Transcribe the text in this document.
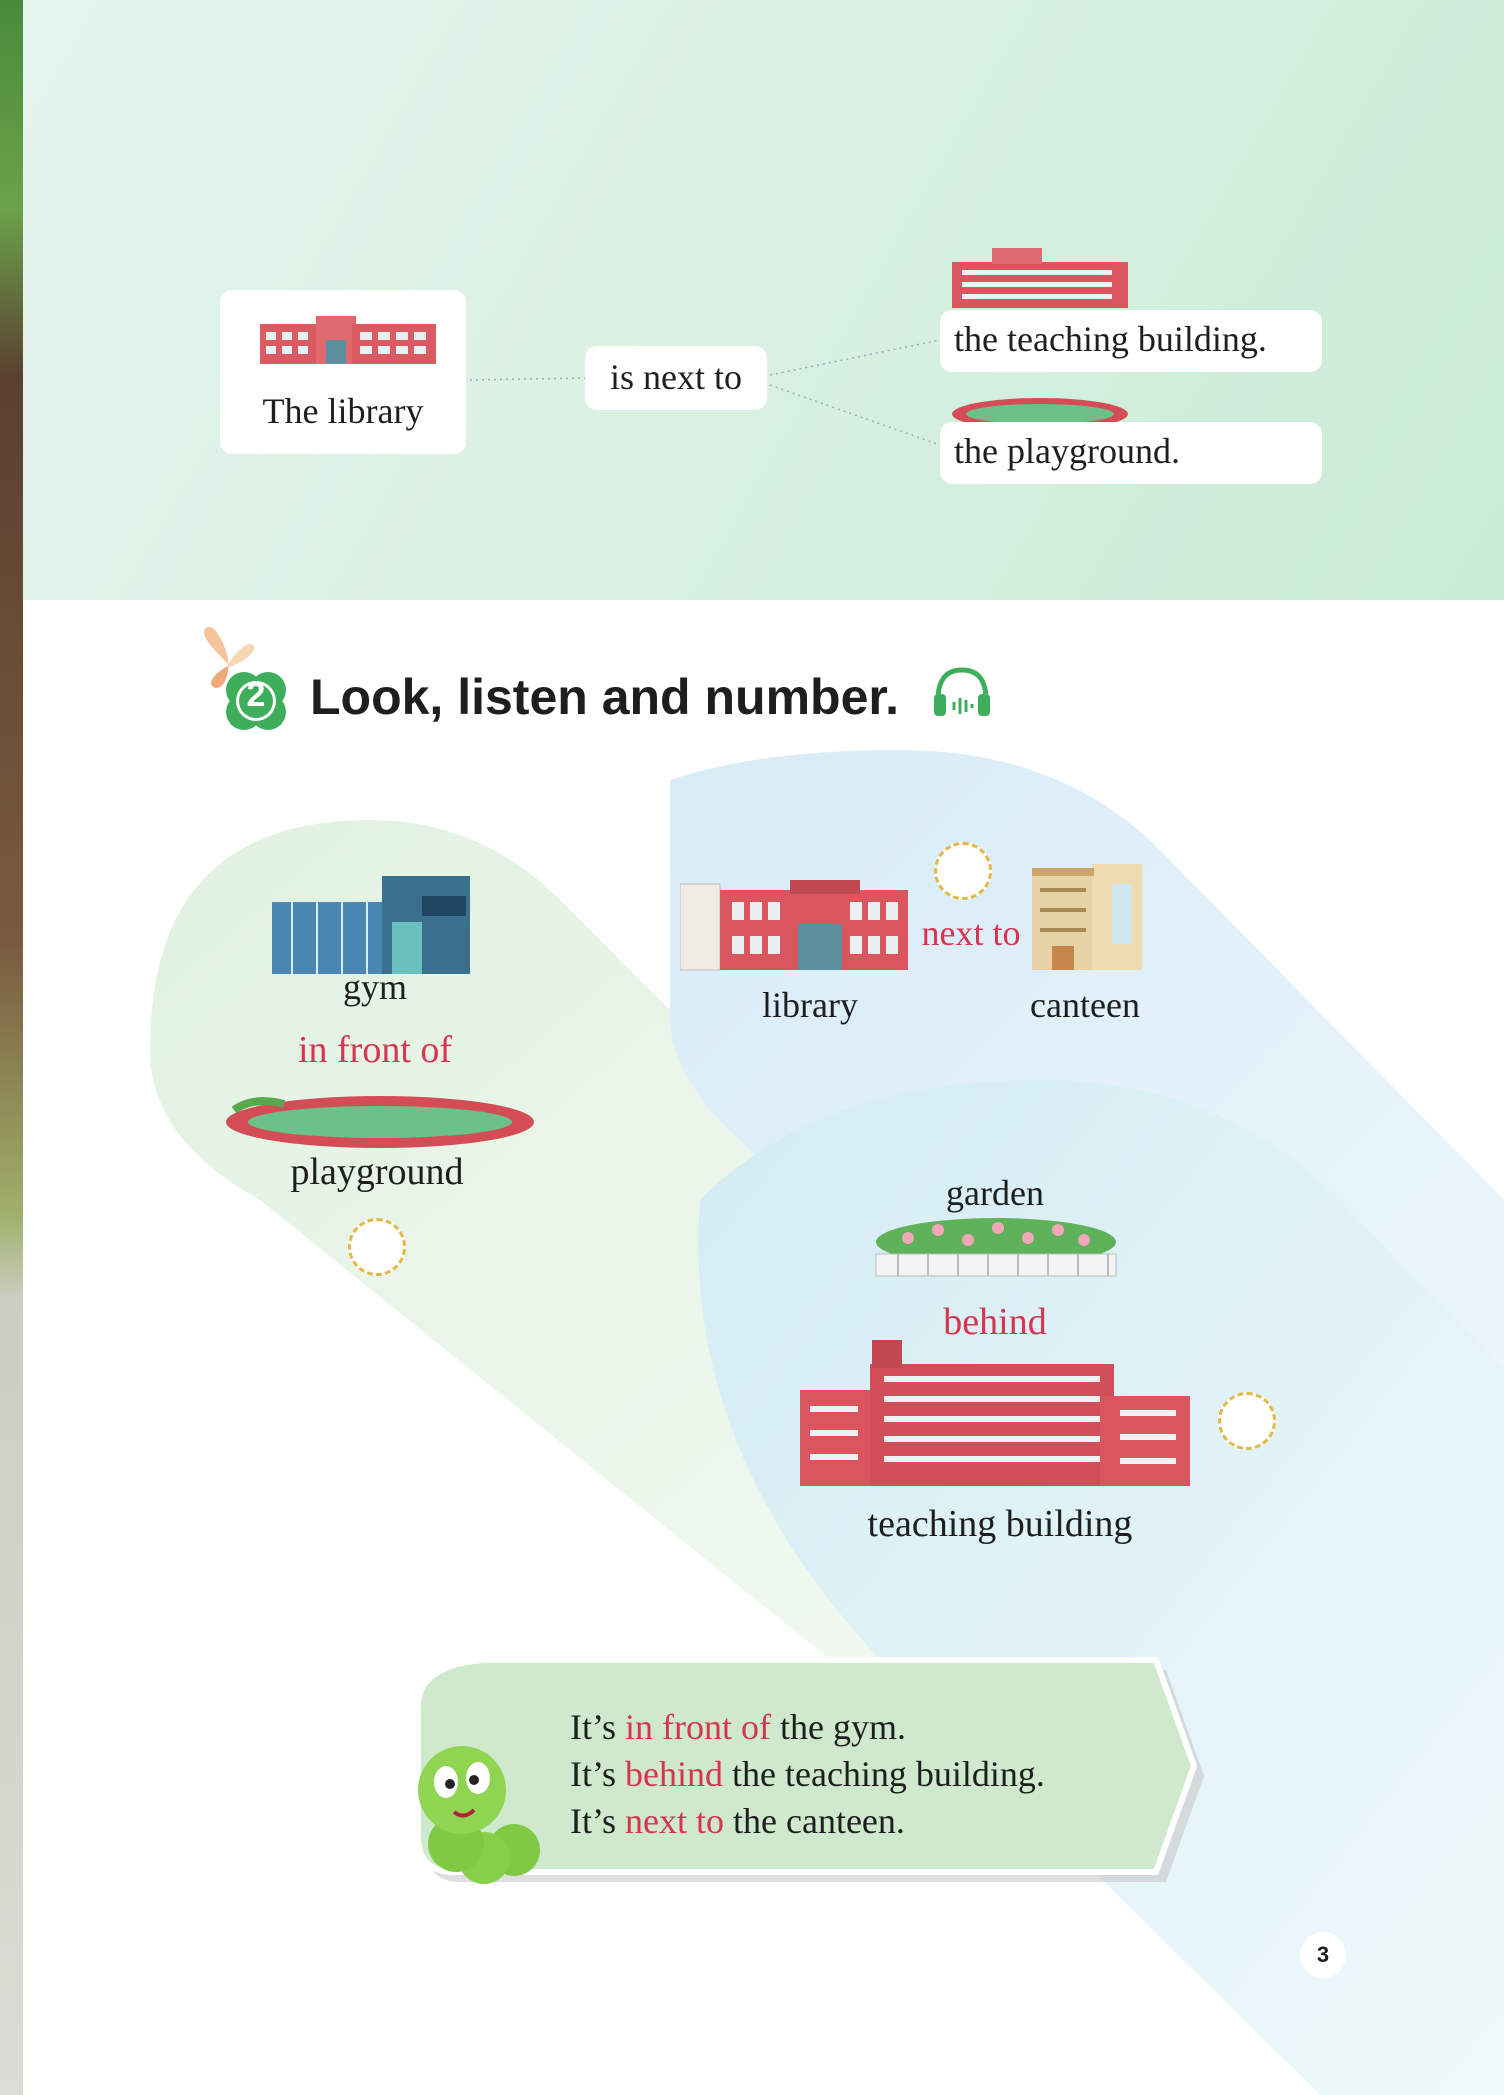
The library
is next to
the teaching building.
the playground.
2 Look, listen and number.
gym
in front of
playground
library
next to
canteen
garden
behind
teaching building
It’s in front of the gym.
It’s behind the teaching building.
It’s next to the canteen.
3
